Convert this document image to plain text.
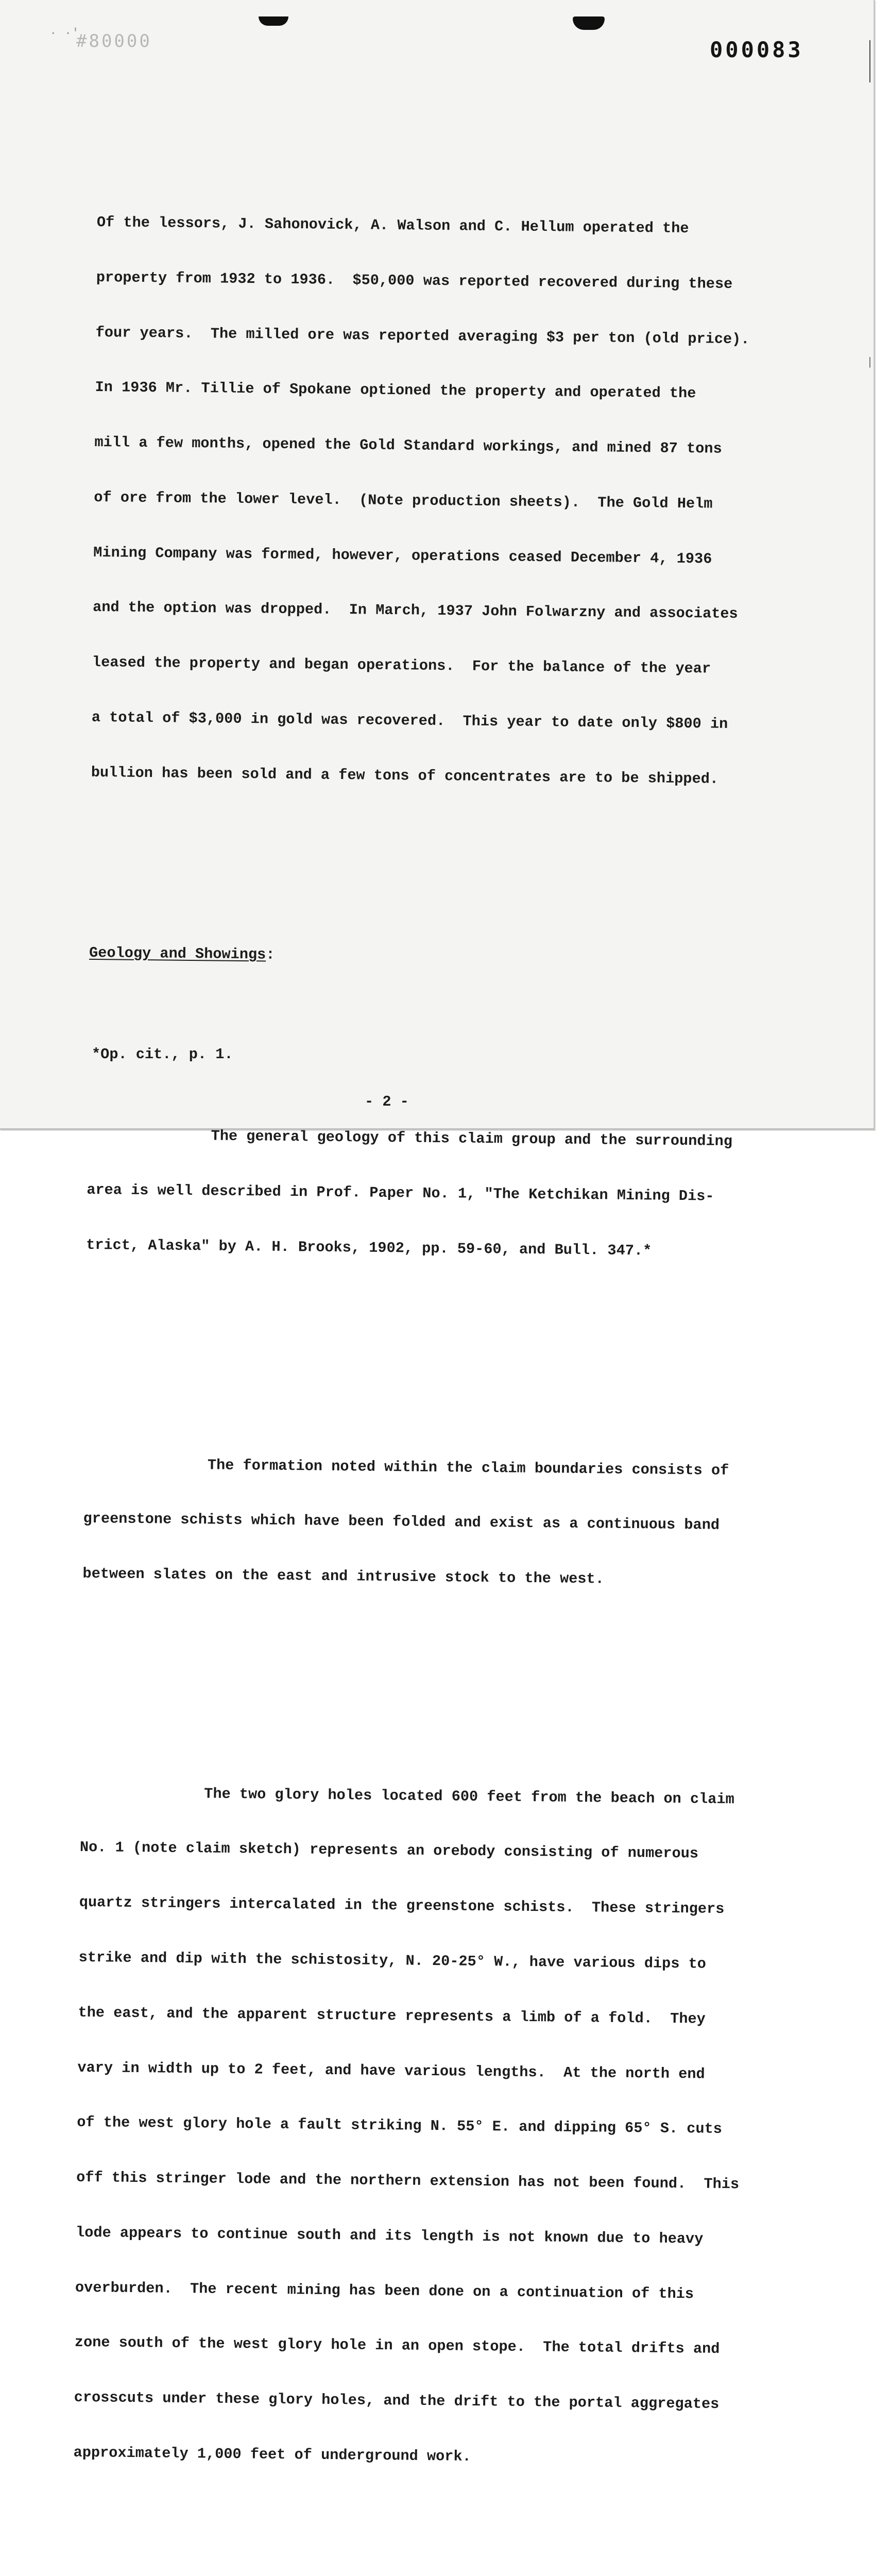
· ·′
#80000	000083

Of the lessors, J. Sahonovick, A. Walson and C. Hellum operated the

property from 1932 to 1936.  $50,000 was reported recovered during these

four years.  The milled ore was reported averaging $3 per ton (old price).

In 1936 Mr. Tillie of Spokane optioned the property and operated the

mill a few months, opened the Gold Standard workings, and mined 87 tons

of ore from the lower level.  (Note production sheets).  The Gold Helm

Mining Company was formed, however, operations ceased December 4, 1936

and the option was dropped.  In March, 1937 John Folwarzny and associates

leased the property and began operations.  For the balance of the year

a total of $3,000 in gold was recovered.  This year to date only $800 in

bullion has been sold and a few tons of concentrates are to be shipped.

Geology and Showings:

The general geology of this claim group and the surrounding

area is well described in Prof. Paper No. 1, "The Ketchikan Mining Dis-

trict, Alaska" by A. H. Brooks, 1902, pp. 59-60, and Bull. 347.*

The formation noted within the claim boundaries consists of

greenstone schists which have been folded and exist as a continuous band

between slates on the east and intrusive stock to the west.

The two glory holes located 600 feet from the beach on claim

No. 1 (note claim sketch) represents an orebody consisting of numerous

quartz stringers intercalated in the greenstone schists.  These stringers

strike and dip with the schistosity, N. 20-25° W., have various dips to

the east, and the apparent structure represents a limb of a fold.  They

vary in width up to 2 feet, and have various lengths.  At the north end

of the west glory hole a fault striking N. 55° E. and dipping 65° S. cuts

off this stringer lode and the northern extension has not been found.  This

lode appears to continue south and its length is not known due to heavy

overburden.  The recent mining has been done on a continuation of this

zone south of the west glory hole in an open stope.  The total drifts and

crosscuts under these glory holes, and the drift to the portal aggregates

approximately 1,000 feet of underground work.

*Op. cit., p. 1.
- 2 -
